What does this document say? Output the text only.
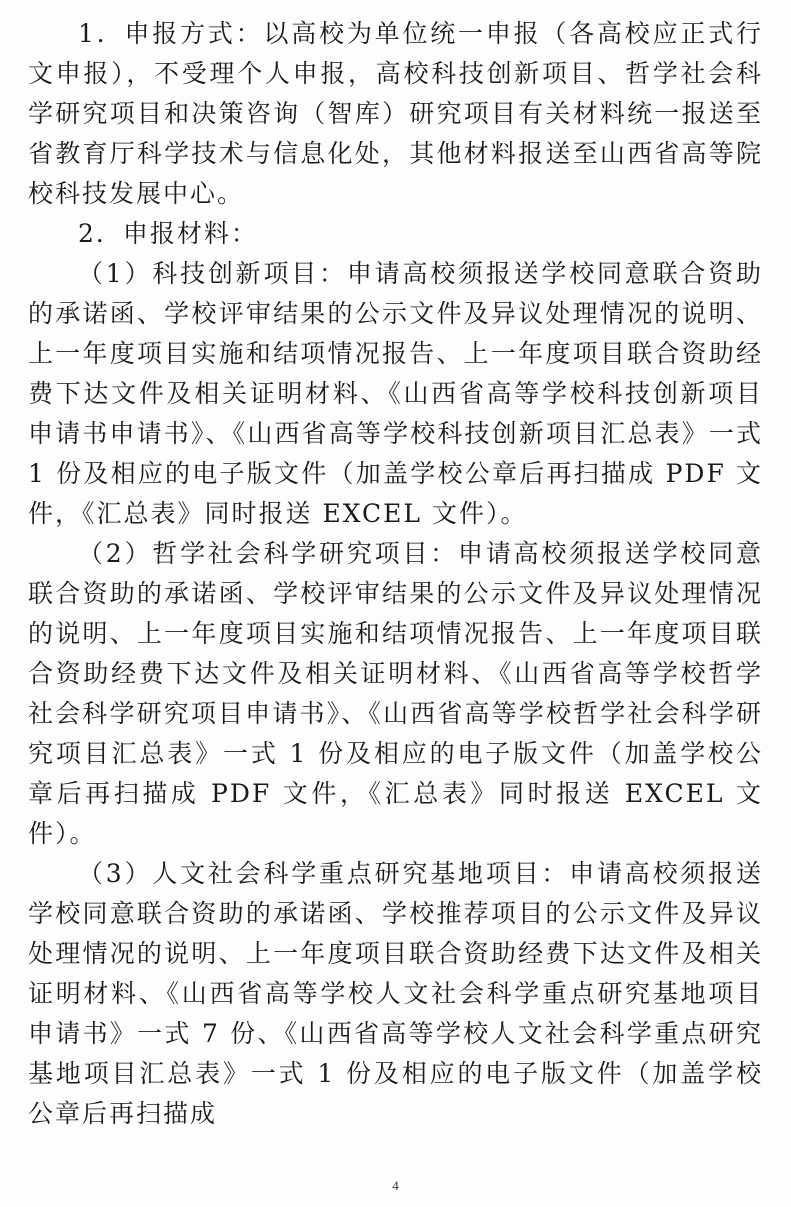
1．申报方式：以高校为单位统一申报（各高校应正式行文申报），不受理个人申报，高校科技创新项目、哲学社会科学研究项目和决策咨询（智库）研究项目有关材料统一报送至省教育厅科学技术与信息化处，其他材料报送至山西省高等院校科技发展中心。

2．申报材料：

（1）科技创新项目：申请高校须报送学校同意联合资助的承诺函、学校评审结果的公示文件及异议处理情况的说明、上一年度项目实施和结项情况报告、上一年度项目联合资助经费下达文件及相关证明材料、《山西省高等学校科技创新项目申请书申请书》、《山西省高等学校科技创新项目汇总表》一式 1 份及相应的电子版文件（加盖学校公章后再扫描成 PDF 文件，《汇总表》同时报送 EXCEL 文件）。

（2）哲学社会科学研究项目：申请高校须报送学校同意联合资助的承诺函、学校评审结果的公示文件及异议处理情况的说明、上一年度项目实施和结项情况报告、上一年度项目联合资助经费下达文件及相关证明材料、《山西省高等学校哲学社会科学研究项目申请书》、《山西省高等学校哲学社会科学研究项目汇总表》一式 1 份及相应的电子版文件（加盖学校公章后再扫描成 PDF 文件，《汇总表》同时报送 EXCEL 文件）。

（3）人文社会科学重点研究基地项目：申请高校须报送学校同意联合资助的承诺函、学校推荐项目的公示文件及异议处理情况的说明、上一年度项目联合资助经费下达文件及相关证明材料、《山西省高等学校人文社会科学重点研究基地项目申请书》一式 7 份、《山西省高等学校人文社会科学重点研究基地项目汇总表》一式 1 份及相应的电子版文件（加盖学校公章后再扫描成

4
